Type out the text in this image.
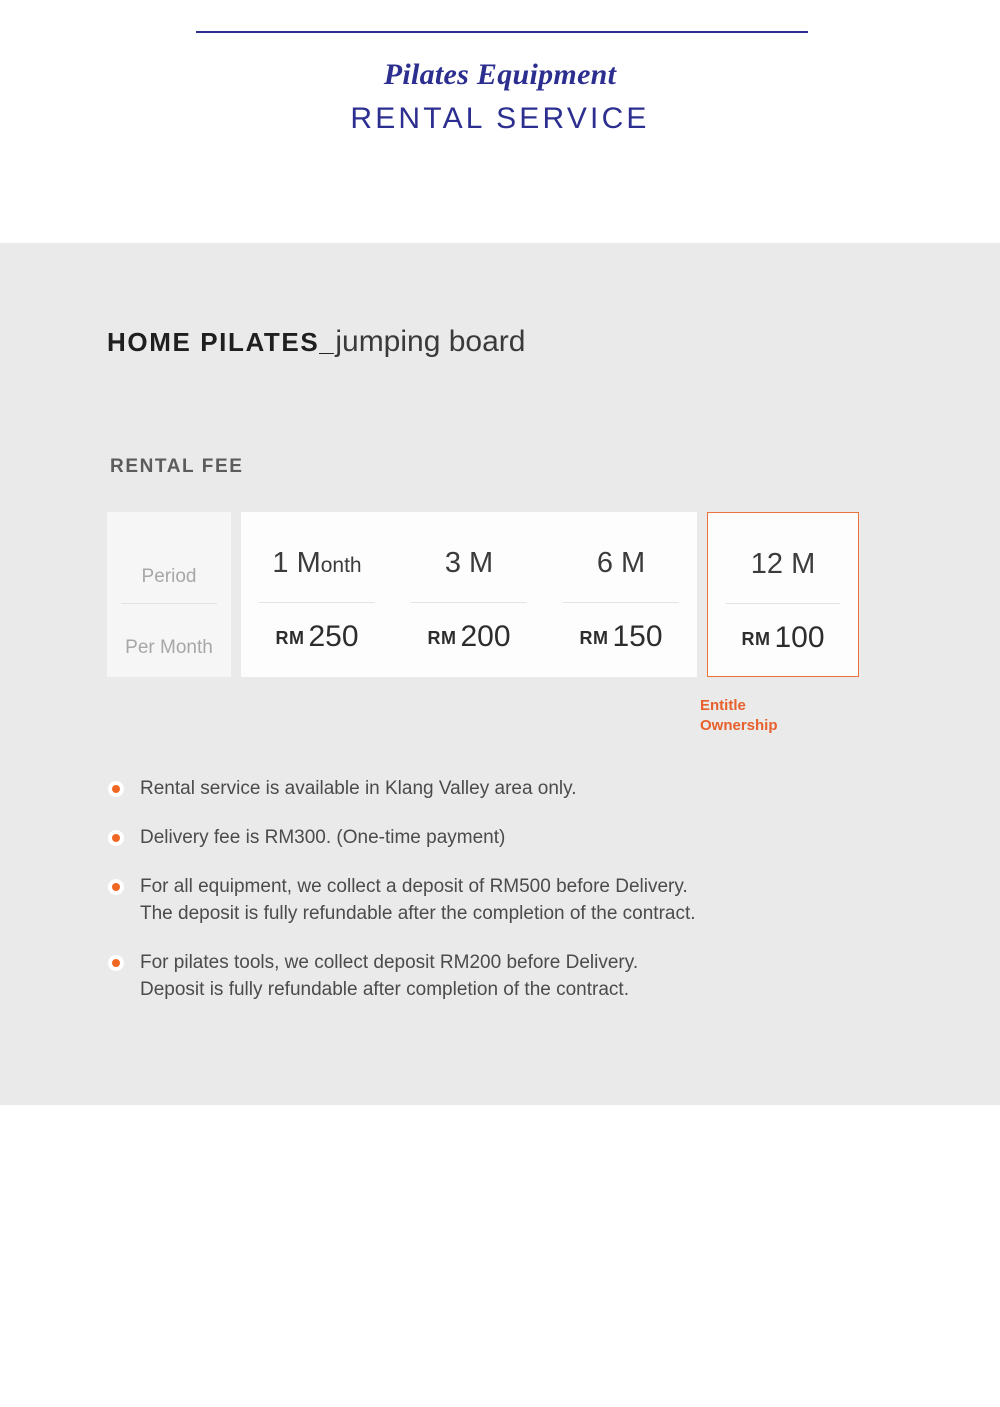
Pilates Equipment
RENTAL SERVICE
HOME PILATES_jumping board
RENTAL FEE
Period
Per Month
1 Month
RM 250
3 M
RM 200
6 M
RM 150
12 M
RM 100
Entitle
Ownership
Rental service is available in Klang Valley area only.
Delivery fee is RM300. (One-time payment)
For all equipment, we collect a deposit of RM500 before Delivery.
The deposit is fully refundable after the completion of the contract.
For pilates tools, we collect deposit RM200 before Delivery.
Deposit is fully refundable after completion of the contract.
